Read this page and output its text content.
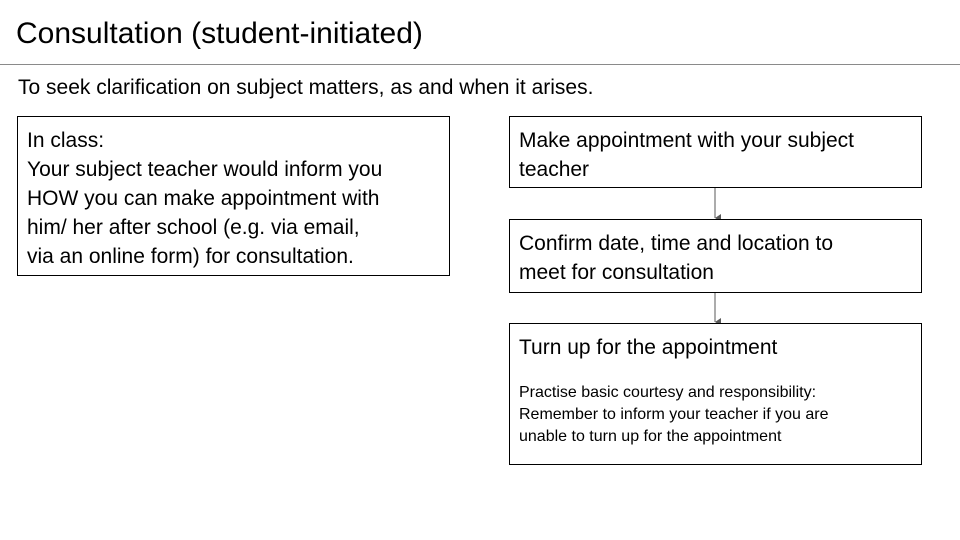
Consultation (student-initiated)
To seek clarification on subject matters, as and when it arises.
In class:
Your subject teacher would inform you
HOW you can make appointment with
him/ her after school (e.g. via email,
via an online form) for consultation.
Make appointment with your subject
teacher
Confirm date, time and location to
meet for consultation
Turn up for the appointment
Practise basic courtesy and responsibility:
Remember to inform your teacher if you are
unable to turn up for the appointment
